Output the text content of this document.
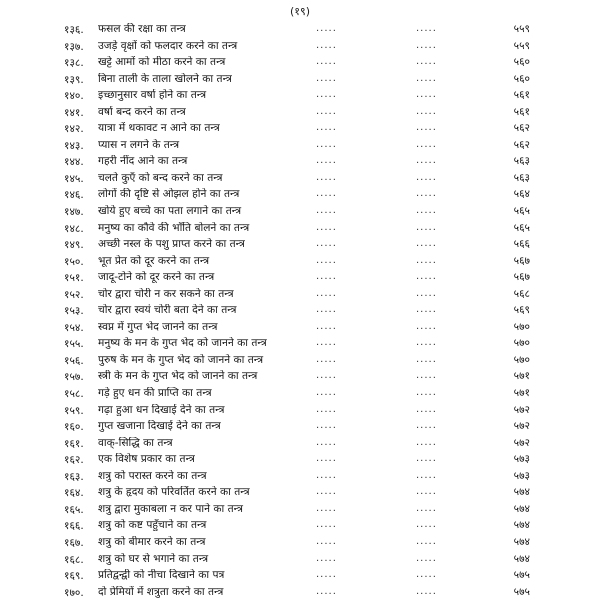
(१९)
१३६. फसल की रक्षा का तन्त्र	.....	.....	५५९
१३७. उजड़े वृक्षों को फलदार करने का तन्त्र	.....	.....	५५९
१३८. खट्टे आमों को मीठा करने का तन्त्र	.....	.....	५६०
१३९. बिना ताली के ताला खोलने का तन्त्र	.....	.....	५६०
१४०. इच्छानुसार वर्षा होने का तन्त्र	.....	.....	५६१
१४१. वर्षा बन्द करने का तन्त्र	.....	.....	५६१
१४२. यात्रा में थकावट न आने का तन्त्र	.....	.....	५६२
१४३. प्यास न लगने के तन्त्र	.....	.....	५६२
१४४. गहरी नींद आने का तन्त्र	.....	.....	५६३
१४५. चलते कुएँ को बन्द करने का तन्त्र	.....	.....	५६३
१४६. लोगों की दृष्टि से ओझल होने का तन्त्र	.....	.....	५६४
१४७. खोये हुए बच्चे का पता लगाने का तन्त्र	.....	.....	५६५
१४८. मनुष्य का कौवे की भाँति बोलने का तन्त्र	.....	.....	५६५
१४९. अच्छी नस्ल के पशु प्राप्त करने का तन्त्र	.....	.....	५६६
१५०. भूत प्रेत को दूर करने का तन्त्र	.....	.....	५६७
१५१. जादू-टोने को दूर करने का तन्त्र	.....	.....	५६७
१५२. चोर द्वारा चोरी न कर सकने का तन्त्र	.....	.....	५६८
१५३. चोर द्वारा स्वयं चोरी बता देने का तन्त्र	.....	.....	५६९
१५४. स्वप्न में गुप्त भेद जानने का तन्त्र	.....	.....	५७०
१५५. मनुष्य के मन के गुप्त भेद को जानने का तन्त्र	.....	.....	५७०
१५६. पुरुष के मन के गुप्त भेद को जानने का तन्त्र	.....	.....	५७०
१५७. स्त्री के मन के गुप्त भेद को जानने का तन्त्र	.....	.....	५७१
१५८. गड़े हुए धन की प्राप्ति का तन्त्र	.....	.....	५७१
१५९. गढ़ा हुआ धन दिखाई देने का तन्त्र	.....	.....	५७२
१६०. गुप्त खजाना दिखाई देने का तन्त्र	.....	.....	५७२
१६१. वाक्-सिद्धि का तन्त्र	.....	.....	५७२
१६२. एक विशेष प्रकार का तन्त्र	.....	.....	५७३
१६३. शत्रु को परास्त करने का तन्त्र	.....	.....	५७३
१६४. शत्रु के हृदय को परिवर्तित करने का तन्त्र	.....	.....	५७४
१६५. शत्रु द्वारा मुकाबला न कर पाने का तन्त्र	.....	.....	५७४
१६६. शत्रु को कष्ट पहुँचाने का तन्त्र	.....	.....	५७४
१६७. शत्रु को बीमार करने का तन्त्र	.....	.....	५७४
१६८. शत्रु को घर से भगाने का तन्त्र	.....	.....	५७४
१६९. प्रतिद्वन्द्वी को नीचा दिखाने का पत्र	.....	.....	५७५
१७०. दो प्रेमियों में शत्रुता करने का तन्त्र	.....	.....	५७५
